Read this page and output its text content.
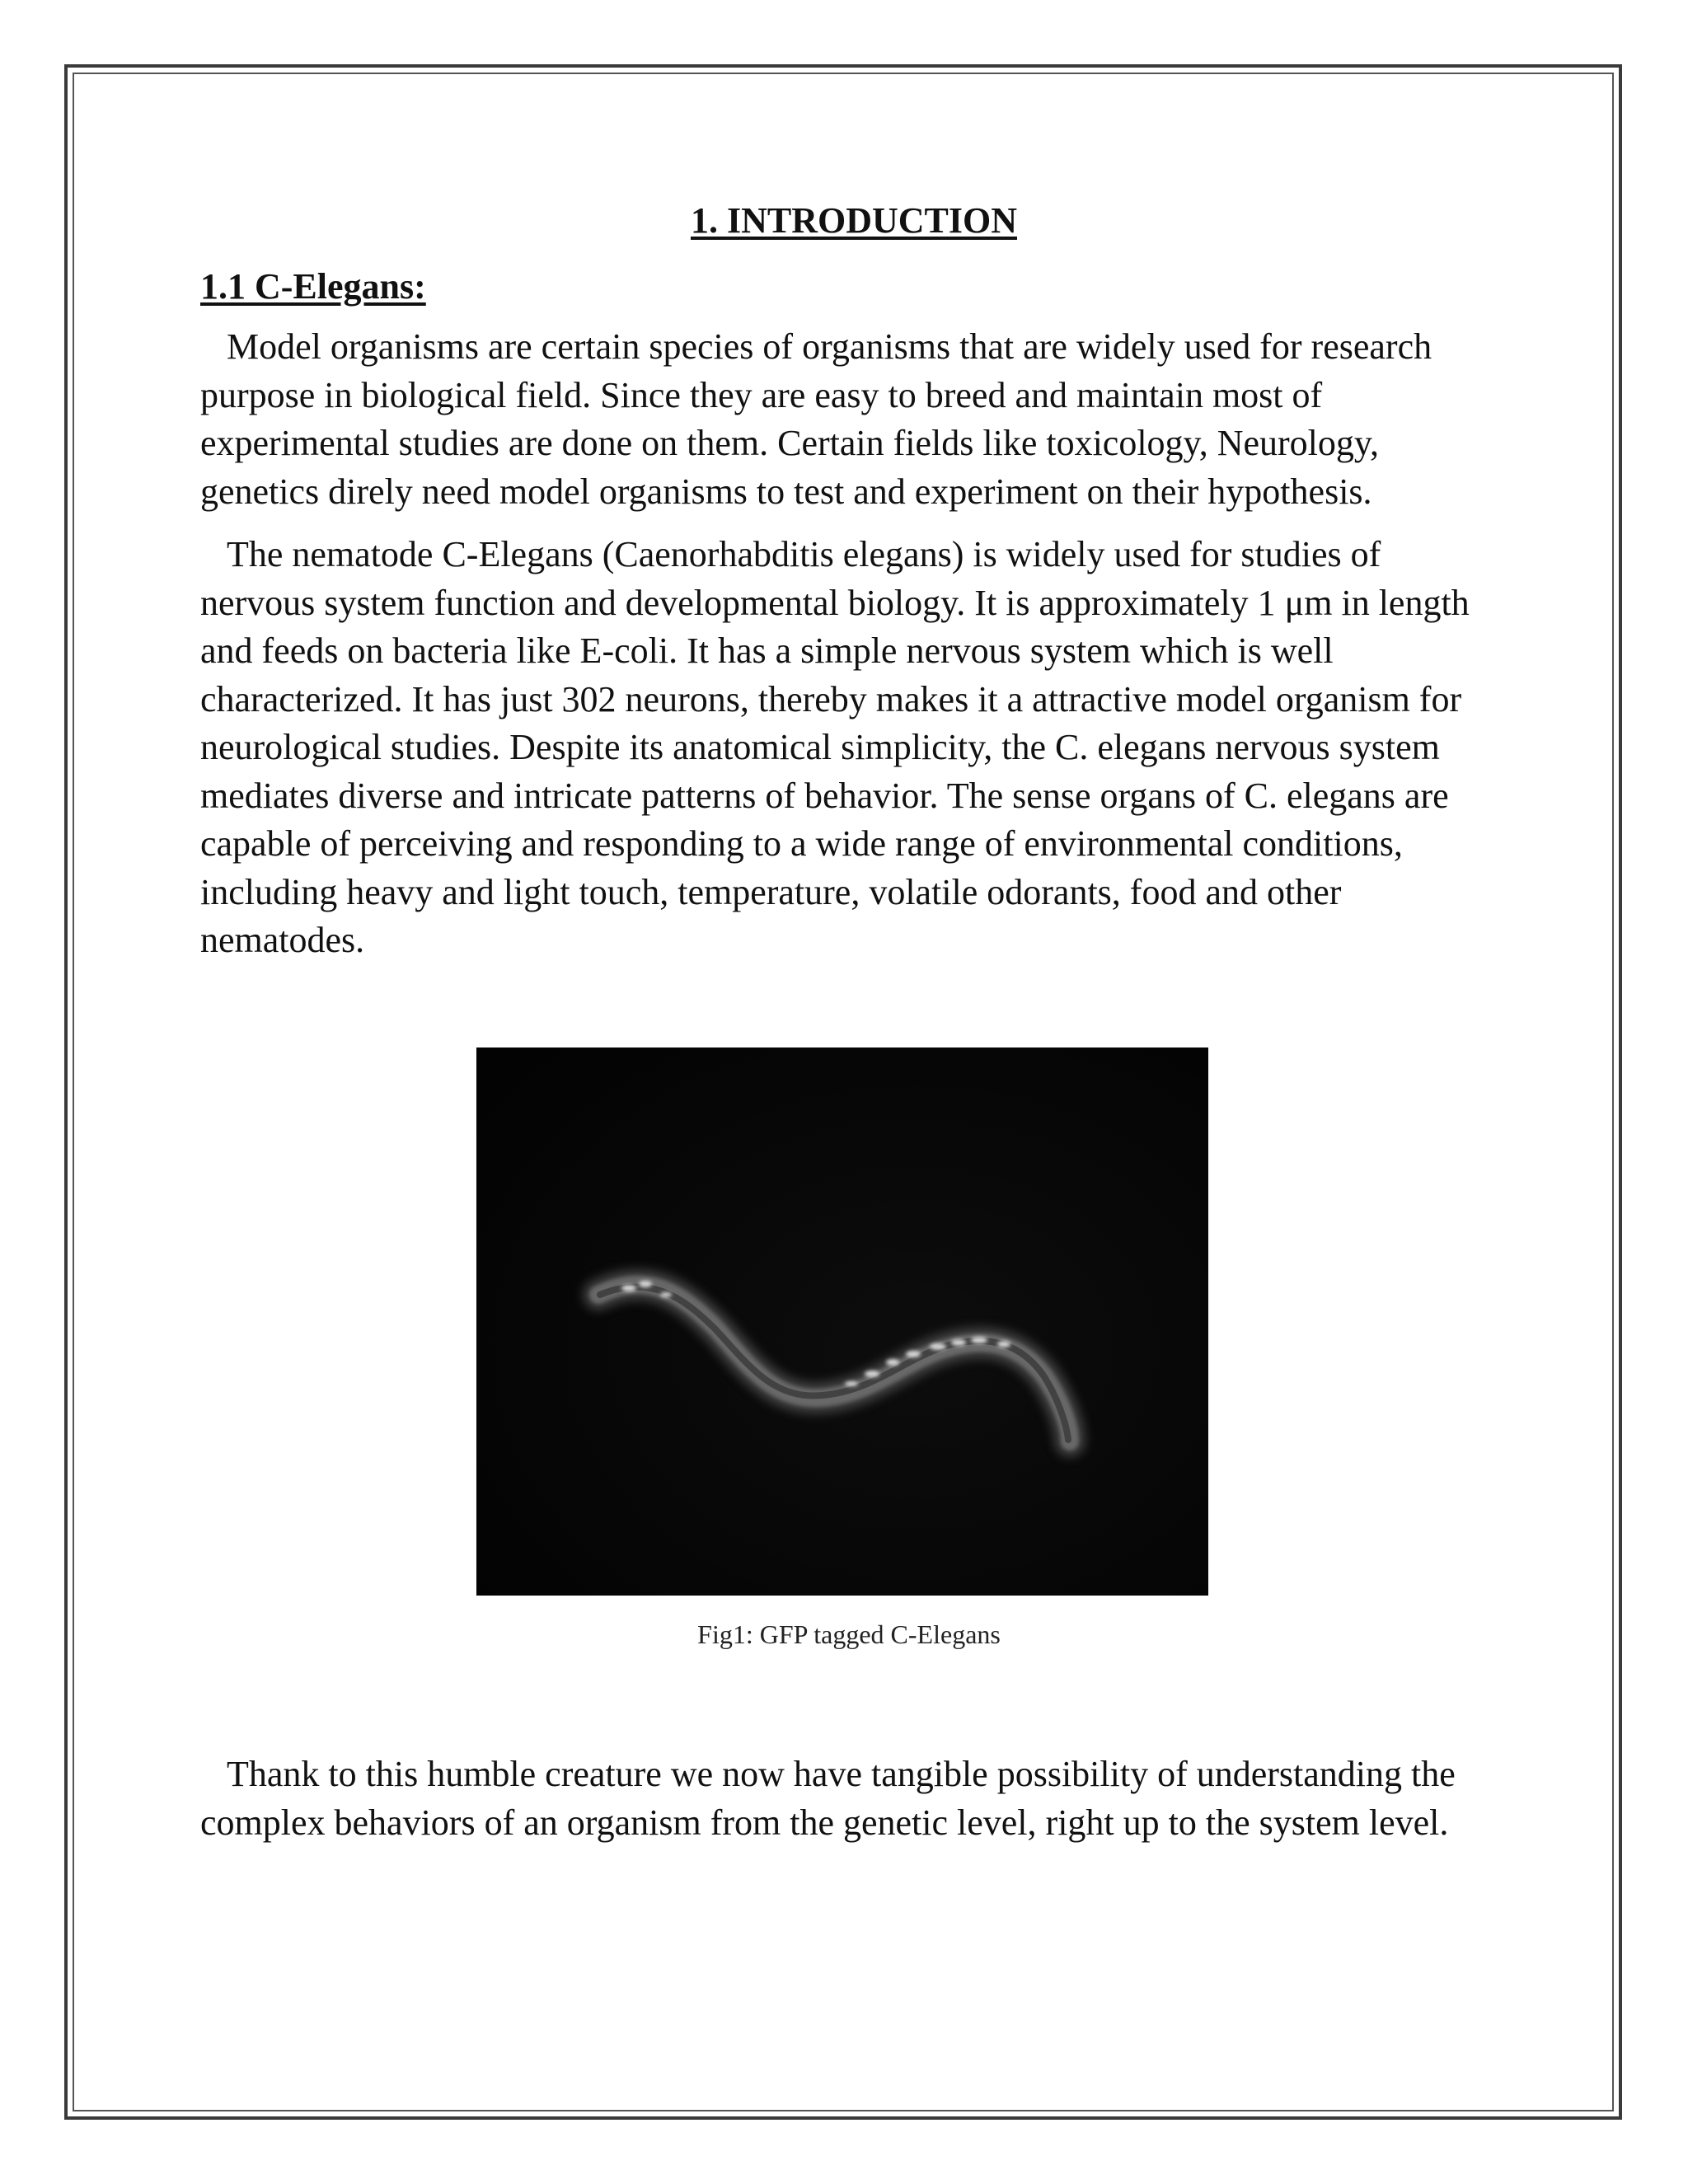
1. INTRODUCTION
1.1 C-Elegans:

Model organisms are certain species of organisms that are widely used for research purpose in biological field. Since they are easy to breed and maintain most of experimental studies are done on them. Certain fields like toxicology, Neurology, genetics direly need model organisms to test and experiment on their hypothesis.

The nematode C-Elegans (Caenorhabditis elegans) is widely used for studies of nervous system function and developmental biology. It is approximately 1 μm in length and feeds on bacteria like E-coli. It has a simple nervous system which is well characterized. It has just 302 neurons, thereby makes it a attractive model organism for neurological studies. Despite its anatomical simplicity, the C. elegans nervous system mediates diverse and intricate patterns of behavior. The sense organs of C. elegans are capable of perceiving and responding to a wide range of environmental conditions, including heavy and light touch, temperature, volatile odorants, food and other nematodes.

Fig1: GFP tagged C-Elegans

Thank to this humble creature we now have tangible possibility of understanding the complex behaviors of an organism from the genetic level, right up to the system level.
